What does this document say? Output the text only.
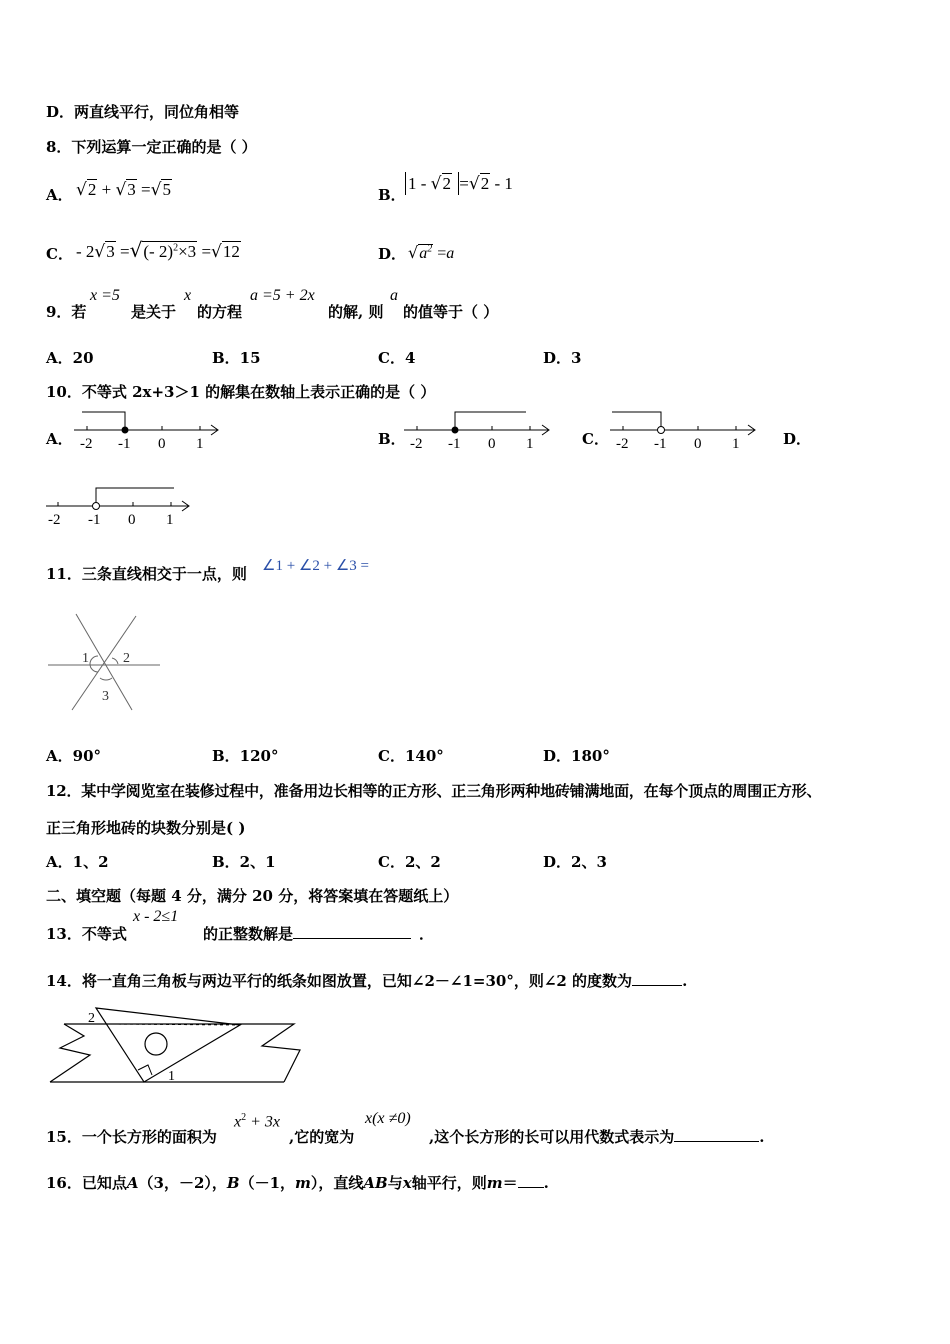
D．两直线平行，同位角相等
8．下列运算一定正确的是（ ）
A． √2 + √3 =√5	B．
1 - √2 =√2 - 1
C． - 2√3 =√(- 2)$^2$×3 =√12	D． $√a^2 =a$
9．若
x =5
是关于
x
的方程
a =5 + 2x
的解, 则
a
的值等于（ ）
A．20	B．15	C．4	D．3
10．不等式 2x+3＞1 的解集在数轴上表示正确的是（ ）
A． -2 -1 0 1	B． -2 -1 0 1	C． -2 -1 0 1	D．
-2 -1 0 1
11．三条直线相交于一点，则 ∠1 + ∠2 + ∠3 =
1 2
3
A．90°	B．120°	C．140°	D．180°
12．某中学阅览室在装修过程中，准备用边长相等的正方形、正三角形两种地砖铺满地面，在每个顶点的周围正方形、
正三角形地砖的块数分别是( )
A．1、2	B．2、1	C．2、2	D．2、3
二、填空题（每题 4 分，满分 20 分，将答案填在答题纸上）
13．不等式
x - 2≤1
的正整数解是	．
14．将一直角三角板与两边平行的纸条如图放置，已知∠2－∠1=30°，则∠2 的度数为	.
2
1
15．一个长方形的面积为
$x^2 + 3x$
,它的宽为
x(x ≠0)
,这个长方形的长可以用代数式表示为	.
16．已知点A（3，－2），B（－1，m），直线AB与x轴平行，则m＝ .
